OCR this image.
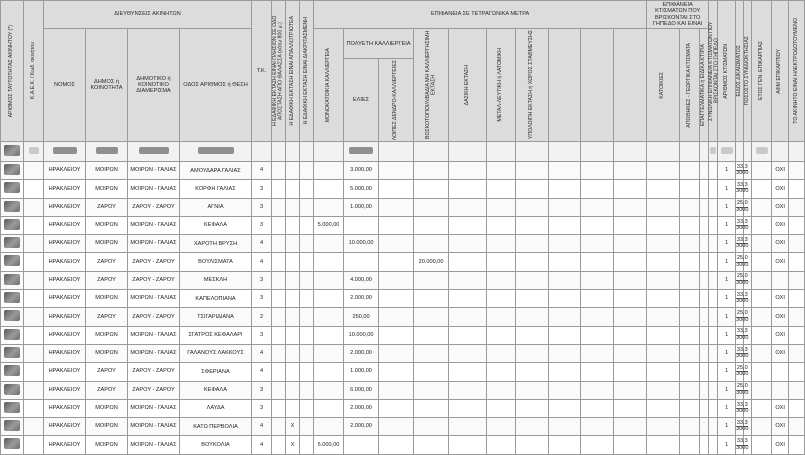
ΑΡΙΘΜΟΣ ΤΑΥΤΟΤΗΤΑΣ ΑΚΙΝΗΤΟΥ (*)	Κ.Α.Ε.Κ. / Κωδ. ακινήτου	ΔΙΕΥΘΥΝΣΕΙΣ ΑΚΙΝΗΤΩΝ				Τ.Κ.	Η ΕΔΑΦΙΚΗ ΕΚΤΑΣΗ ΕΙΝΑΙ ΠΛΗΣΙΟΝ ΣΕ ΟΔΟ ΑΠΟΣΤΑΣΗ ΑΠΟ ΘΑΛΑΣΣΑ (κάτω 800 μ.)	Η ΕΔΑΦΙΚΗ ΕΚΤΑΣΗ ΕΙΝΑΙ ΑΠΑΛΛΟΤΡΙΩΤΕΑ	Η ΕΔΑΦΙΚΗ ΕΚΤΑΣΗ ΕΙΝΑΙ ΔΙΑΚΡΙΤΑΣΜΕΝΗ	ΕΠΙΦΑΝΕΙΑ ΣΕ ΤΕΤΡΑΓΩΝΙΚΑ ΜΕΤΡΑ										ΕΠΙΦΑΝΕΙΑ ΚΤΙΣΜΑΤΩΝ ΠΟΥ ΒΡΙΣΚΟΝΤΑΙ ΣΤΟ ΓΗΠΕΔΟ ΚΑΙ ΕΙΝΑΙ			ΣΥΝΟΛΙΚΗ ΕΠΙΦΑΝΕΙΑ ΚΤΙΣΜΑΤΩΝ ΠΟΥ ΒΡΙΣΚΟΝΤΑΙ ΣΤΟ ΓΗΠΕΔΟ	ΑΡΙΘΜΟΣ ΚΤΙΣΜΑΤΩΝ	ΕΙΔΟΣ ΔΙΚΑΙΩΜΑΤΟΣ	ΠΟΣΟΣΤΟ ΣΥΝΙΔΙΟΚΤΗΣΙΑΣ	ΕΤΟΣ ΓΕΝ. ΕΠΙΚΑΡΠΙΑΣ	ΑΦΜ ΕΠΙΚΑΡΠΙΟΥ	ΤΟ ΑΚΙΝΗΤΟ ΕΙΝΑΙ ΗΛΕΚΤΡΟΔΟΤΟΥΜΕΝΟ

		ΝΟΜΟΣ	ΔΗΜΟΣ ή ΚΟΙΝΟΤΗΤΑ	ΔΗΜΟΤΙΚΟ ή ΚΟΙΝΟΤΙΚΟ ΔΙΑΜΕΡΙΣΜΑ	ΟΔΟΣ ΑΡΙΘΜΟΣ ή ΘΕΣΗ					ΜΟΝΟΚΑΤΟΙΚΙΑ ΚΑΛΛΙΕΡΓΕΙΑ	ΠΟΛΥΕΤΗ ΚΑΛΛΙΕΡΓΕΙΑ		ΒΟΣΚΟΤΟΠΟΙ/ΛΙΒΑΔΙΑ ΜΗ ΚΑΛΛΙΕΡΓΗΣΙΜΗ ΕΚΤΑΣΗ	ΔΑΣΙΚΗ ΕΚΤΑΣΗ	ΜΕΤΑΛ-ΛΕΥΤΙΚΗ ή ΛΑΤΟΜΙΚΗ	ΥΠΟΛΟΙΠΗ ΕΚΤΑΣΗ ή ΧΩΡΟΣ ΣΤΑΘΜΕΥΣΗΣ				ΚΑΤΟΙΚΙΕΣ	ΑΠΟΘΗΚΕΣ - ΓΕΩΡΓΙΚΑ ΚΤΙΣΜΑΤΑ	ΕΠΑΓΓΕΛΜΑΤΙΚΑ ή ΕΙΔΙΚΑ ΚΤΙΡΙΑ								

											ΕΛΙΕΣ	ΛΟΙΠΕΣ ΔΕΝΔΡΟ-ΚΑΛΛΙΕΡΓΕΙΕΣ																		

		ΗΡΑΚΛΕΙΟΥ	ΜΟΙΡΩΝ	ΜΟΙΡΩΝ - ΓΑΛΙΑΣ	ΑΜΟΥΔΑΡΑ ΓΑΛΙΑΣ	4					3.000,00													1	$\frac{33,3}{3000}$			ΟΧΙ		
		ΗΡΑΚΛΕΙΟΥ	ΜΟΙΡΩΝ	ΜΟΙΡΩΝ - ΓΑΛΙΑΣ	ΚΟΡΦΗ ΓΑΛΙΑΣ	3					5.000,00													1	$\frac{33,3}{3000}$			ΟΧΙ		
		ΗΡΑΚΛΕΙΟΥ	ΖΑΡΟΥ	ΖΑΡΟΥ - ΖΑΡΟΥ	ΑΓΝΙΑ	3					1.000,00													1	$\frac{25,0}{3000}$			ΟΧΙ		
		ΗΡΑΚΛΕΙΟΥ	ΜΟΙΡΩΝ	ΜΟΙΡΩΝ - ΓΑΛΙΑΣ	ΚΕΦΑΛΑ	3				5.000,00														1	$\frac{33,3}{3000}$			ΟΧΙ		
		ΗΡΑΚΛΕΙΟΥ	ΜΟΙΡΩΝ	ΜΟΙΡΩΝ - ΓΑΛΙΑΣ	ΧΑΡΟΤΗ ΒΡΥΣΗ	4					10.000,00													1	$\frac{33,3}{3000}$			ΟΧΙ		
		ΗΡΑΚΛΕΙΟΥ	ΖΑΡΟΥ	ΖΑΡΟΥ - ΖΑΡΟΥ	ΒΟΥΛΙΣΜΑΤΑ	4							20.000,00											1	$\frac{25,0}{3000}$			ΟΧΙ		
		ΗΡΑΚΛΕΙΟΥ	ΖΑΡΟΥ	ΖΑΡΟΥ - ΖΑΡΟΥ	ΜΕΣΚΛΗ	3					4.000,00													1	$\frac{25,0}{3000}$

		ΗΡΑΚΛΕΙΟΥ	ΜΟΙΡΩΝ	ΜΟΙΡΩΝ - ΓΑΛΙΑΣ	ΚΑΠΕΛΟΠΙΑΝΑ	3					2.000,00													1	$\frac{33,3}{3000}$			ΟΧΙ		
		ΗΡΑΚΛΕΙΟΥ	ΖΑΡΟΥ	ΖΑΡΟΥ - ΖΑΡΟΥ	ΤΣΙΓΑΡΙΔΙΑΝΑ	2					250,00													1	$\frac{25,0}{3000}$			ΟΧΙ		
		ΗΡΑΚΛΕΙΟΥ	ΜΟΙΡΩΝ	ΜΟΙΡΩΝ - ΓΑΛΙΑΣ	ΣΓΑΤΡΟΣ ΚΕΦΑΛΑΡΙ	3					10.000,00													1	$\frac{33,3}{3000}$			ΟΧΙ		
		ΗΡΑΚΛΕΙΟΥ	ΜΟΙΡΩΝ	ΜΟΙΡΩΝ - ΓΑΛΙΑΣ	ΓΑΛΑΝΟΥΣ ΛΑΚΚΟΥΣ	4					2.000,00													1	$\frac{33,3}{3000}$			ΟΧΙ		
		ΗΡΑΚΛΕΙΟΥ	ΖΑΡΟΥ	ΖΑΡΟΥ - ΖΑΡΟΥ	ΣΦΕΡΙΑΝΑ	4					1.000,00													1	$\frac{25,0}{3000}$

		ΗΡΑΚΛΕΙΟΥ	ΖΑΡΟΥ	ΖΑΡΟΥ - ΖΑΡΟΥ	ΚΕΦΑΛΑ	3					6.000,00													1	$\frac{25,0}{3000}$

		ΗΡΑΚΛΕΙΟΥ	ΜΟΙΡΩΝ	ΜΟΙΡΩΝ - ΓΑΛΙΑΣ	ΛΑΥΔΑ	3					2.000,00													1	$\frac{33,3}{3000}$			ΟΧΙ		
		ΗΡΑΚΛΕΙΟΥ	ΜΟΙΡΩΝ	ΜΟΙΡΩΝ - ΓΑΛΙΑΣ	ΚΑΤΩ ΠΕΡΒΟΛΙΑ	4		X			2.000,00													1	$\frac{33,3}{3000}$			ΟΧΙ		
		ΗΡΑΚΛΕΙΟΥ	ΜΟΙΡΩΝ	ΜΟΙΡΩΝ - ΓΑΛΙΑΣ	ΒΟΥΚΟΛΙΑ	4		X		5.000,00														1	$\frac{33,3}{3000}$			ΟΧΙ		
